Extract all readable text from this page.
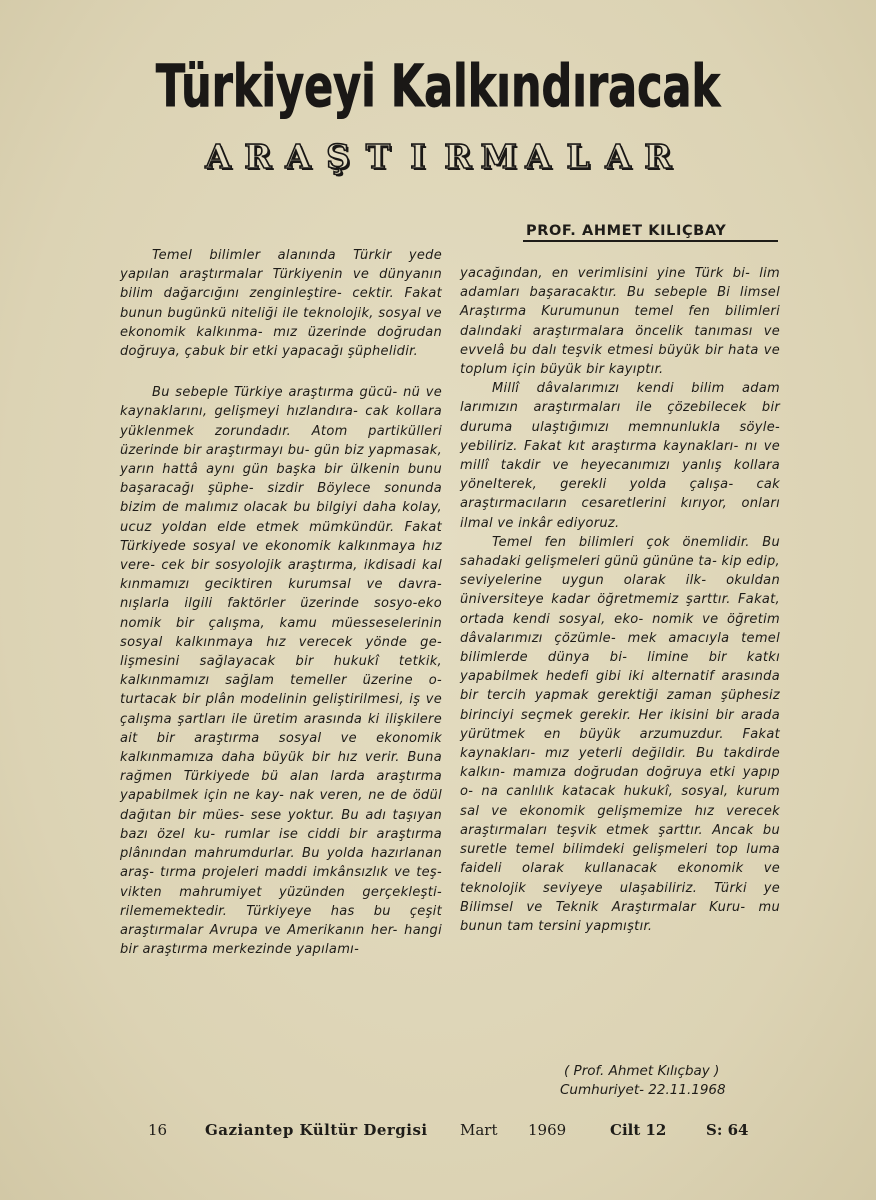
Türkiyeyi Kalkındıracak
A R A Ş T I R M A L A R
PROF. AHMET KILIÇBAY

Temel bilimler alanında Türkir yede yapılan araştırmalar Türkiyenin ve dünyanın bilim dağarcığını zenginleştire- cektir. Fakat bunun bugünkü niteliği ile teknolojik, sosyal ve ekonomik kalkınma- mız üzerinde doğrudan doğruya, çabuk bir etki yapacağı şüphelidir.

Bu sebeple Türkiye araştırma gücü- nü ve kaynaklarını, gelişmeyi hızlandıra- cak kollara yüklenmek zorundadır. Atom partikülleri üzerinde bir araştırmayı bu- gün biz yapmasak, yarın hattâ aynı gün başka bir ülkenin bunu başaracağı şüphe- sizdir Böylece sonunda bizim de malımız olacak bu bilgiyi daha kolay, ucuz yoldan elde etmek mümkündür. Fakat Türkiyede sosyal ve ekonomik kalkınmaya hız vere- cek bir sosyolojik araştırma, ikdisadi kal kınmamızı geciktiren kurumsal ve davra- nışlarla ilgili faktörler üzerinde sosyo-eko nomik bir çalışma, kamu müesseselerinin sosyal kalkınmaya hız verecek yönde ge- lişmesini sağlayacak bir hukukî tetkik, kalkınmamızı sağlam temeller üzerine o- turtacak bir plân modelinin geliştirilmesi, iş ve çalışma şartları ile üretim arasında ki ilişkilere ait bir araştırma sosyal ve ekonomik kalkınmamıza daha büyük bir hız verir. Buna rağmen Türkiyede bü alan larda araştırma yapabilmek için ne kay- nak veren, ne de ödül dağıtan bir mües- sese yoktur. Bu adı taşıyan bazı özel ku- rumlar ise ciddi bir araştırma plânından mahrumdurlar. Bu yolda hazırlanan araş- tırma projeleri maddi imkânsızlık ve teş- vikten mahrumiyet yüzünden gerçekleşti- rilememektedir. Türkiyeye has bu çeşit araştırmalar Avrupa ve Amerikanın her- hangi bir araştırma merkezinde yapılamı-

yacağından, en verimlisini yine Türk bi- lim adamları başaracaktır. Bu sebeple Bi limsel Araştırma Kurumunun temel fen bilimleri dalındaki araştırmalara öncelik tanıması ve evvelâ bu dalı teşvik etmesi büyük bir hata ve toplum için büyük bir kayıptır.

Millî dâvalarımızı kendi bilim adam larımızın araştırmaları ile çözebilecek bir duruma ulaştığımızı memnunlukla söyle- yebiliriz. Fakat kıt araştırma kaynakları- nı ve millî takdir ve heyecanımızı yanlış kollara yöneIterek, gerekli yolda çalışa- cak araştırmacıların cesaretlerini kırıyor, onları ilmal ve inkâr ediyoruz.

Temel fen bilimleri çok önemlidir. Bu sahadaki gelişmeleri günü gününe ta- kip edip, seviyelerine uygun olarak ilk- okuldan üniversiteye kadar öğretmemiz şarttır. Fakat, ortada kendi sosyal, eko- nomik ve öğretim dâvalarımızı çözümle- mek amacıyla temel bilimlerde dünya bi- limine bir katkı yapabilmek hedefi gibi iki alternatif arasında bir tercih yapmak gerektiği zaman şüphesiz birinciyi seçmek gerekir. Her ikisini bir arada yürütmek en büyük arzumuzdur. Fakat kaynakları- mız yeterli değildir. Bu takdirde kalkın- mamıza doğrudan doğruya etki yapıp o- na canlılık katacak hukukî, sosyal, kurum sal ve ekonomik gelişmemize hız verecek araştırmaları teşvik etmek şarttır. Ancak bu suretle temel bilimdeki gelişmeleri top luma faideli olarak kullanacak ekonomik ve teknolojik seviyeye ulaşabiliriz. Türki ye Bilimsel ve Teknik Araştırmalar Kuru- mu bunun tam tersini yapmıştır.

( Prof. Ahmet Kılıçbay )
Cumhuriyet- 22.11.1968
16	Gaziantep Kültür Dergisi Mart 1969	Cilt 12	S: 64
